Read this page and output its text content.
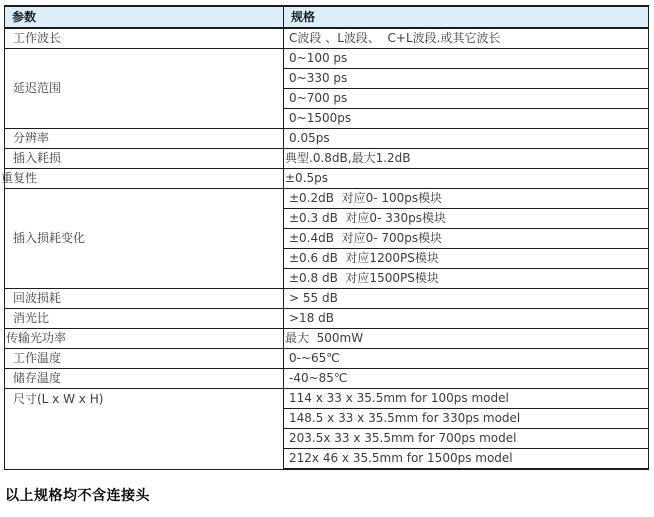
参数	规格
工作波长	C波段 、L波段、  C+L波段.或其它波长
延迟范围	0~100 ps
	0~330 ps
	0~700 ps
	0~1500ps
分辨率	0.05ps
插入耗损	典型.0.8dB,最大1.2dB
重复性	±0.5ps
插入损耗变化	±0.2dB  对应0- 100ps模块
	±0.3 dB  对应0- 330ps模块
	±0.4dB  对应0- 700ps模块
	±0.6 dB  对应1200PS模块
	±0.8 dB  对应1500PS模块
回波损耗	> 55 dB
消光比	>18 dB
传输光功率	最大  500mW
工作温度	0-~65℃
储存温度	-40~85℃
尺寸(L x W x H)	114 x 33 x 35.5mm for 100ps model
	148.5 x 33 x 35.5mm for 330ps model
	203.5x 33 x 35.5mm for 700ps model
	212x 46 x 35.5mm for 1500ps model
以上规格均不含连接头
